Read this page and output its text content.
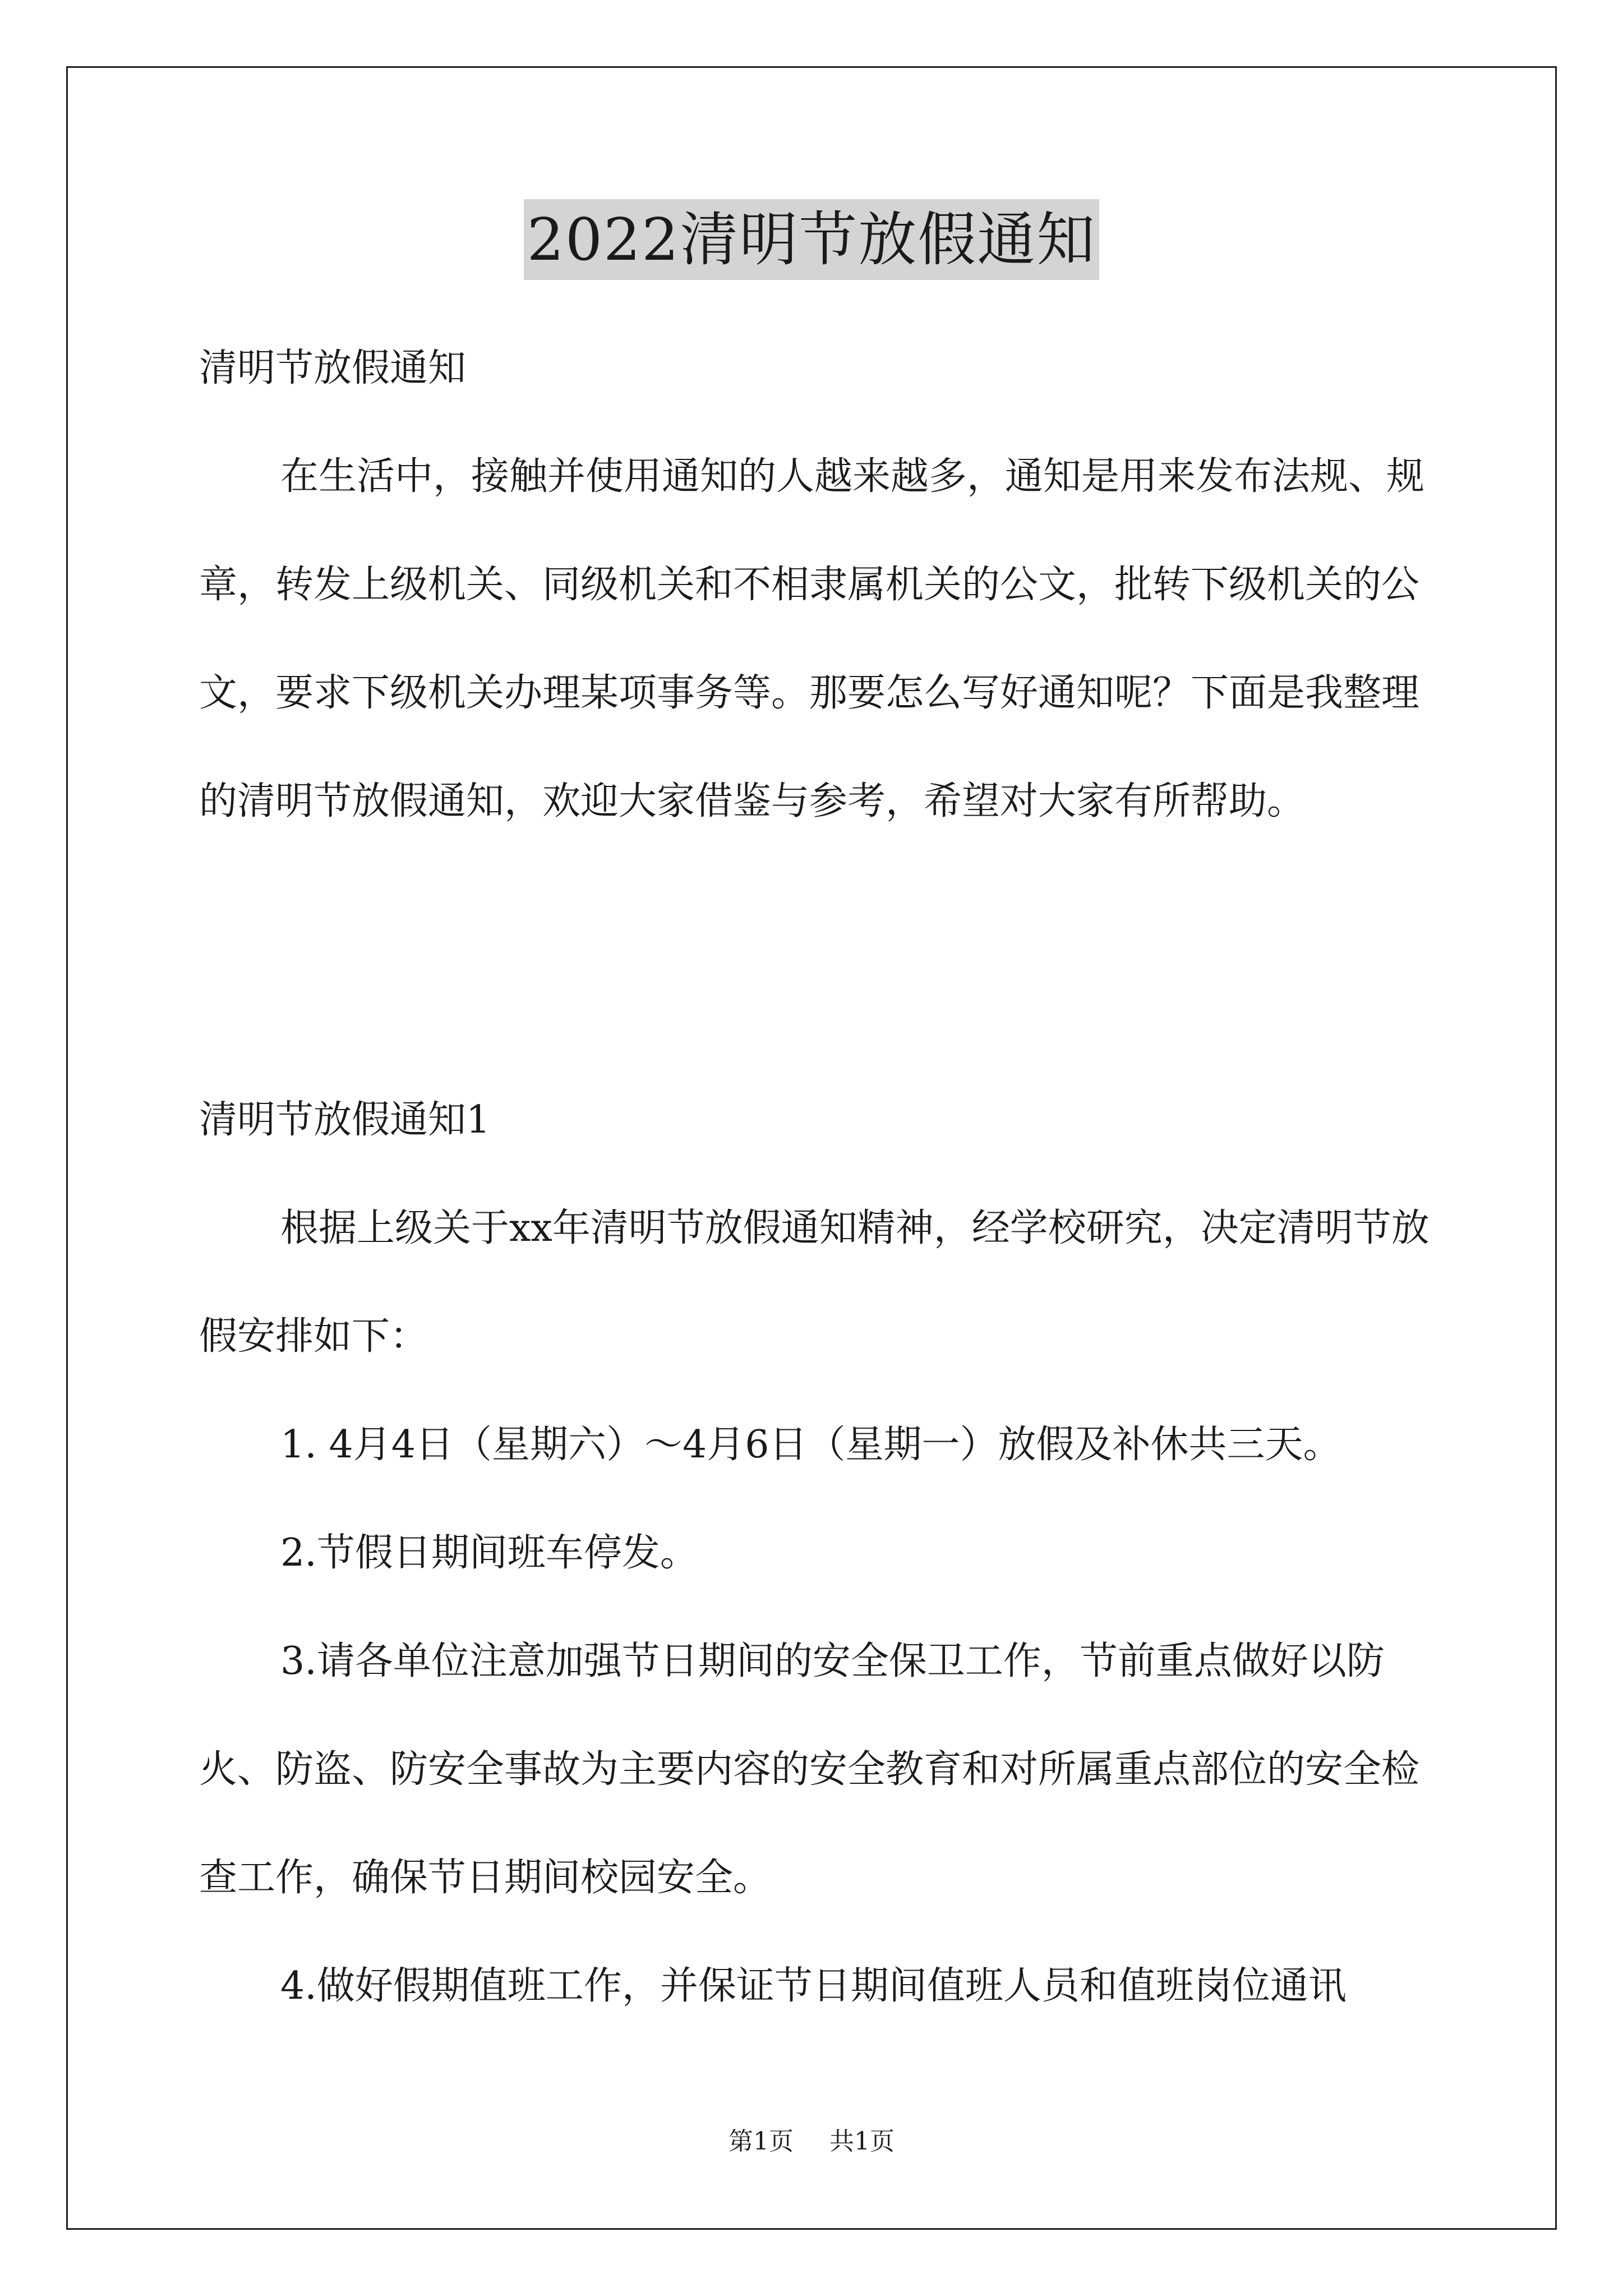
2022清明节放假通知

清明节放假通知

在生活中，接触并使用通知的人越来越多，通知是用来发布法规、规章，转发上级机关、同级机关和不相隶属机关的公文，批转下级机关的公文，要求下级机关办理某项事务等。那要怎么写好通知呢？下面是我整理的清明节放假通知，欢迎大家借鉴与参考，希望对大家有所帮助。

清明节放假通知1

根据上级关于xx年清明节放假通知精神，经学校研究，决定清明节放假安排如下：

1. 4月4日（星期六）～4月6日（星期一）放假及补休共三天。

2.节假日期间班车停发。

3.请各单位注意加强节日期间的安全保卫工作，节前重点做好以防火、防盗、防安全事故为主要内容的安全教育和对所属重点部位的安全检查工作，确保节日期间校园安全。

4.做好假期值班工作，并保证节日期间值班人员和值班岗位通讯

第1页 共1页
